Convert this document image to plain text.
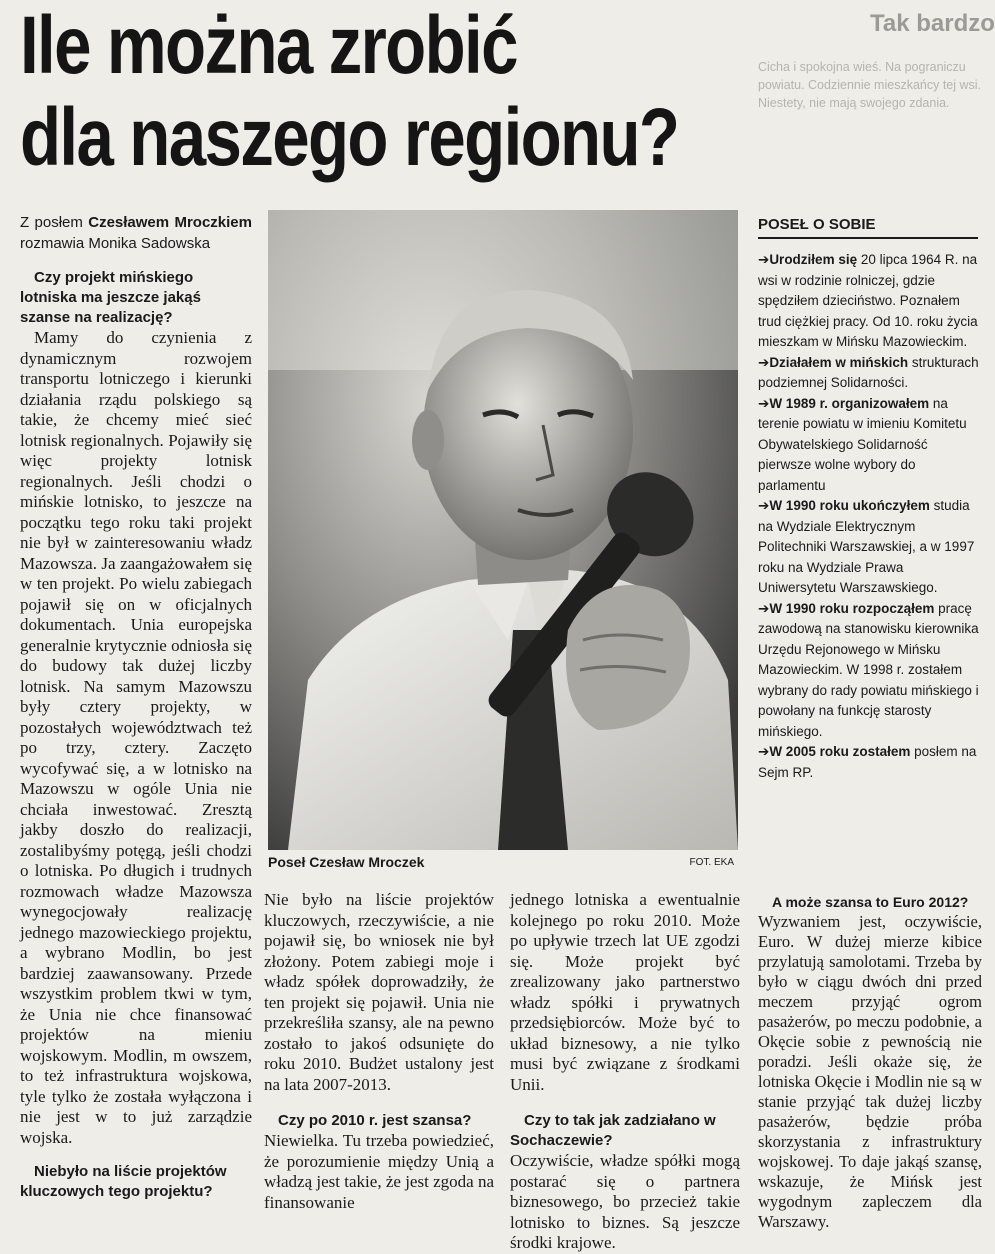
Ile można zrobić
dla naszego regionu?
Tak bardzo
Cicha i spokojna wieś. Na pograniczu powiatu. Codziennie mieszkańcy tej wsi. Niestety, nie mają swojego zdania.
Z posłem Czesławem Mroczkiem rozmawia Monika Sadowska

Czy projekt mińskiego lotniska ma jeszcze jakąś szanse na realizację?

Mamy do czynienia z dynamicznym rozwojem transportu lotniczego i kierunki działania rządu polskiego są takie, że chcemy mieć sieć lotnisk regionalnych. Pojawiły się więc projekty lotnisk regionalnych. Jeśli chodzi o mińskie lotnisko, to jeszcze na początku tego roku taki projekt nie był w zainteresowaniu władz Mazowsza. Ja zaangażowałem się w ten projekt. Po wielu zabiegach pojawił się on w oficjalnych dokumentach. Unia europejska generalnie krytycznie odniosła się do budowy tak dużej liczby lotnisk. Na samym Mazowszu były cztery projekty, w pozostałych województwach też po trzy, cztery. Zaczęto wycofywać się, a w lotnisko na Mazowszu w ogóle Unia nie chciała inwestować. Zresztą jakby doszło do realizacji, zostalibyśmy potęgą, jeśli chodzi o lotniska. Po długich i trudnych rozmowach władze Mazowsza wynegocjowały realizację jednego mazowieckiego projektu, a wybrano Modlin, bo jest bardziej zaawansowany. Przede wszystkim problem tkwi w tym, że Unia nie chce finansować projektów na mieniu wojskowym. Modlin, m owszem, to też infrastruktura wojskowa, tyle tylko że została wyłączona i nie jest w to już zarządzie wojska.

Niebyło na liście projektów kluczowych tego projektu?

Poseł Czesław Mroczek	FOT. EKA

Nie było na liście projektów kluczowych, rzeczywiście, a nie pojawił się, bo wniosek nie był złożony. Potem zabiegi moje i władz spółek doprowadziły, że ten projekt się pojawił. Unia nie przekreśliła szansy, ale na pewno zostało to jakoś odsunięte do roku 2010. Budżet ustalony jest na lata 2007-2013.

Czy po 2010 r. jest szansa?

Niewielka. Tu trzeba powiedzieć, że porozumienie między Unią a władzą jest takie, że jest zgoda na finansowanie

jednego lotniska a ewentualnie kolejnego po roku 2010. Może po upływie trzech lat UE zgodzi się. Może projekt być zrealizowany jako partnerstwo władz spółki i prywatnych przedsiębiorców. Może być to układ biznesowy, a nie tylko musi być związane z środkami Unii.

Czy to tak jak zadziałano w Sochaczewie?

Oczywiście, władze spółki mogą postarać się o partnera biznesowego, bo przecież takie lotnisko to biznes. Są jeszcze środki krajowe.

POSEŁ O SOBIE

➔Urodziłem się 20 lipca 1964 R. na wsi w rodzinie rolniczej, gdzie spędziłem dzieciństwo. Poznałem trud ciężkiej pracy. Od 10. roku życia mieszkam w Mińsku Mazowieckim.

➔Działałem w mińskich strukturach podziemnej Solidarności.

➔W 1989 r. organizowałem na terenie powiatu w imieniu Komitetu Obywatelskiego Solidarność pierwsze wolne wybory do parlamentu

➔W 1990 roku ukończyłem studia na Wydziale Elektrycznym Politechniki Warszawskiej, a w 1997 roku na Wydziale Prawa Uniwersytetu Warszawskiego.

➔W 1990 roku rozpocząłem pracę zawodową na stanowisku kierownika Urzędu Rejonowego w Mińsku Mazowieckim. W 1998 r. zostałem wybrany do rady powiatu mińskiego i powołany na funkcję starosty mińskiego.

➔W 2005 roku zostałem posłem na Sejm RP.

A może szansa to Euro 2012?

Wyzwaniem jest, oczywiście, Euro. W dużej mierze kibice przylatują samolotami. Trzeba by było w ciągu dwóch dni przed meczem przyjąć ogrom pasażerów, po meczu podobnie, a Okęcie sobie z pewnością nie poradzi. Jeśli okaże się, że lotniska Okęcie i Modlin nie są w stanie przyjąć tak dużej liczby pasażerów, będzie próba skorzystania z infrastruktury wojskowej. To daje jakąś szansę, wskazuje, że Mińsk jest wygodnym zapleczem dla Warszawy.
